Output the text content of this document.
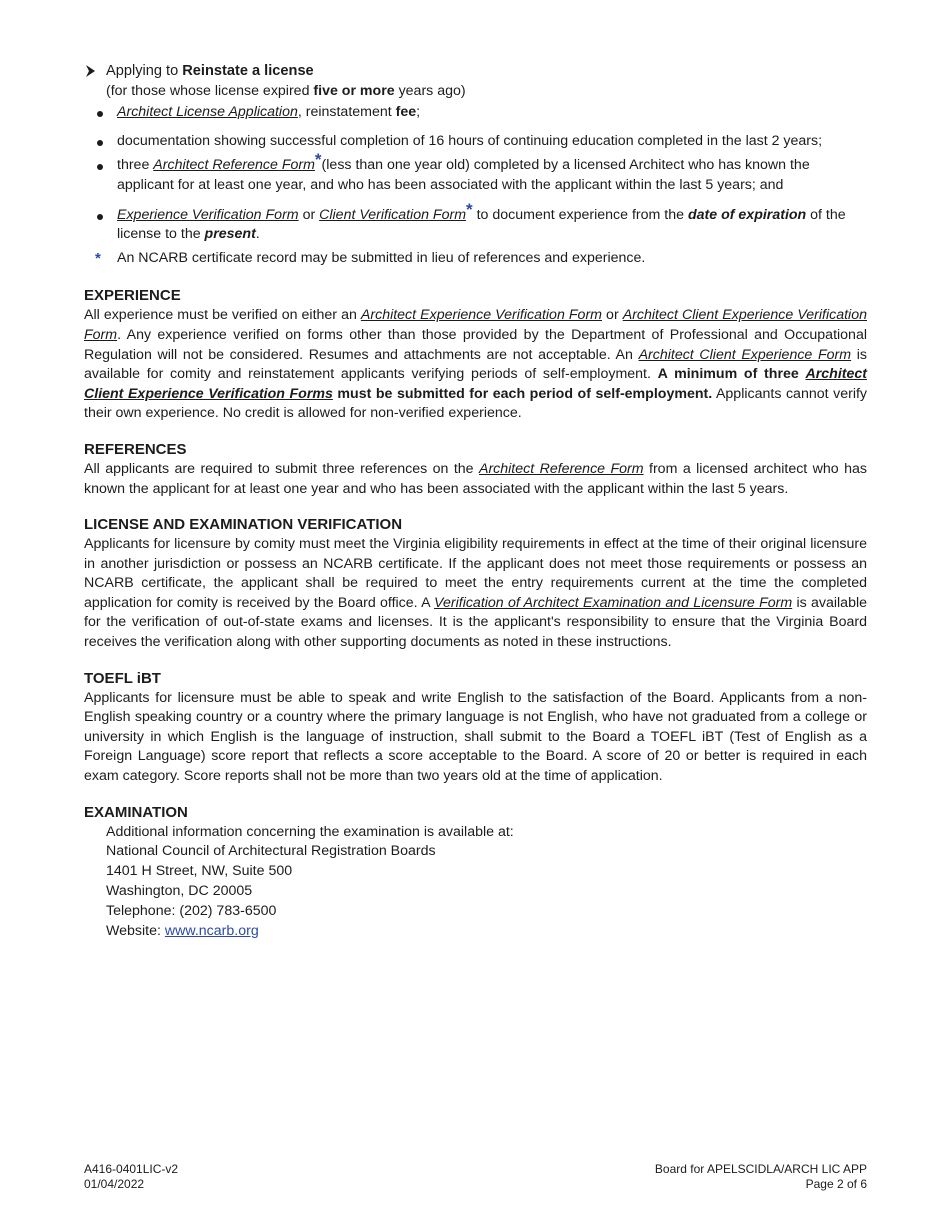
Applying to Reinstate a license
(for those whose license expired five or more years ago)
Architect License Application, reinstatement fee;
documentation showing successful completion of 16 hours of continuing education completed in the last 2 years;
three Architect Reference Form*(less than one year old) completed by a licensed Architect who has known the applicant for at least one year, and who has been associated with the applicant within the last 5 years; and
Experience Verification Form or Client Verification Form* to document experience from the date of expiration of the license to the present.
* An NCARB certificate record may be submitted in lieu of references and experience.
EXPERIENCE
All experience must be verified on either an Architect Experience Verification Form or Architect Client Experience Verification Form. Any experience verified on forms other than those provided by the Department of Professional and Occupational Regulation will not be considered. Resumes and attachments are not acceptable. An Architect Client Experience Form is available for comity and reinstatement applicants verifying periods of self-employment. A minimum of three Architect Client Experience Verification Forms must be submitted for each period of self-employment. Applicants cannot verify their own experience. No credit is allowed for non-verified experience.
REFERENCES
All applicants are required to submit three references on the Architect Reference Form from a licensed architect who has known the applicant for at least one year and who has been associated with the applicant within the last 5 years.
LICENSE AND EXAMINATION VERIFICATION
Applicants for licensure by comity must meet the Virginia eligibility requirements in effect at the time of their original licensure in another jurisdiction or possess an NCARB certificate. If the applicant does not meet those requirements or possess an NCARB certificate, the applicant shall be required to meet the entry requirements current at the time the completed application for comity is received by the Board office. A Verification of Architect Examination and Licensure Form is available for the verification of out-of-state exams and licenses. It is the applicant's responsibility to ensure that the Virginia Board receives the verification along with other supporting documents as noted in these instructions.
TOEFL iBT
Applicants for licensure must be able to speak and write English to the satisfaction of the Board. Applicants from a non-English speaking country or a country where the primary language is not English, who have not graduated from a college or university in which English is the language of instruction, shall submit to the Board a TOEFL iBT (Test of English as a Foreign Language) score report that reflects a score acceptable to the Board. A score of 20 or better is required in each exam category. Score reports shall not be more than two years old at the time of application.
EXAMINATION
Additional information concerning the examination is available at:
National Council of Architectural Registration Boards
1401 H Street, NW, Suite 500
Washington, DC 20005
Telephone: (202) 783-6500
Website: www.ncarb.org
A416-0401LIC-v2
01/04/2022
Board for APELSCIDLA/ARCH LIC APP
Page 2 of 6
